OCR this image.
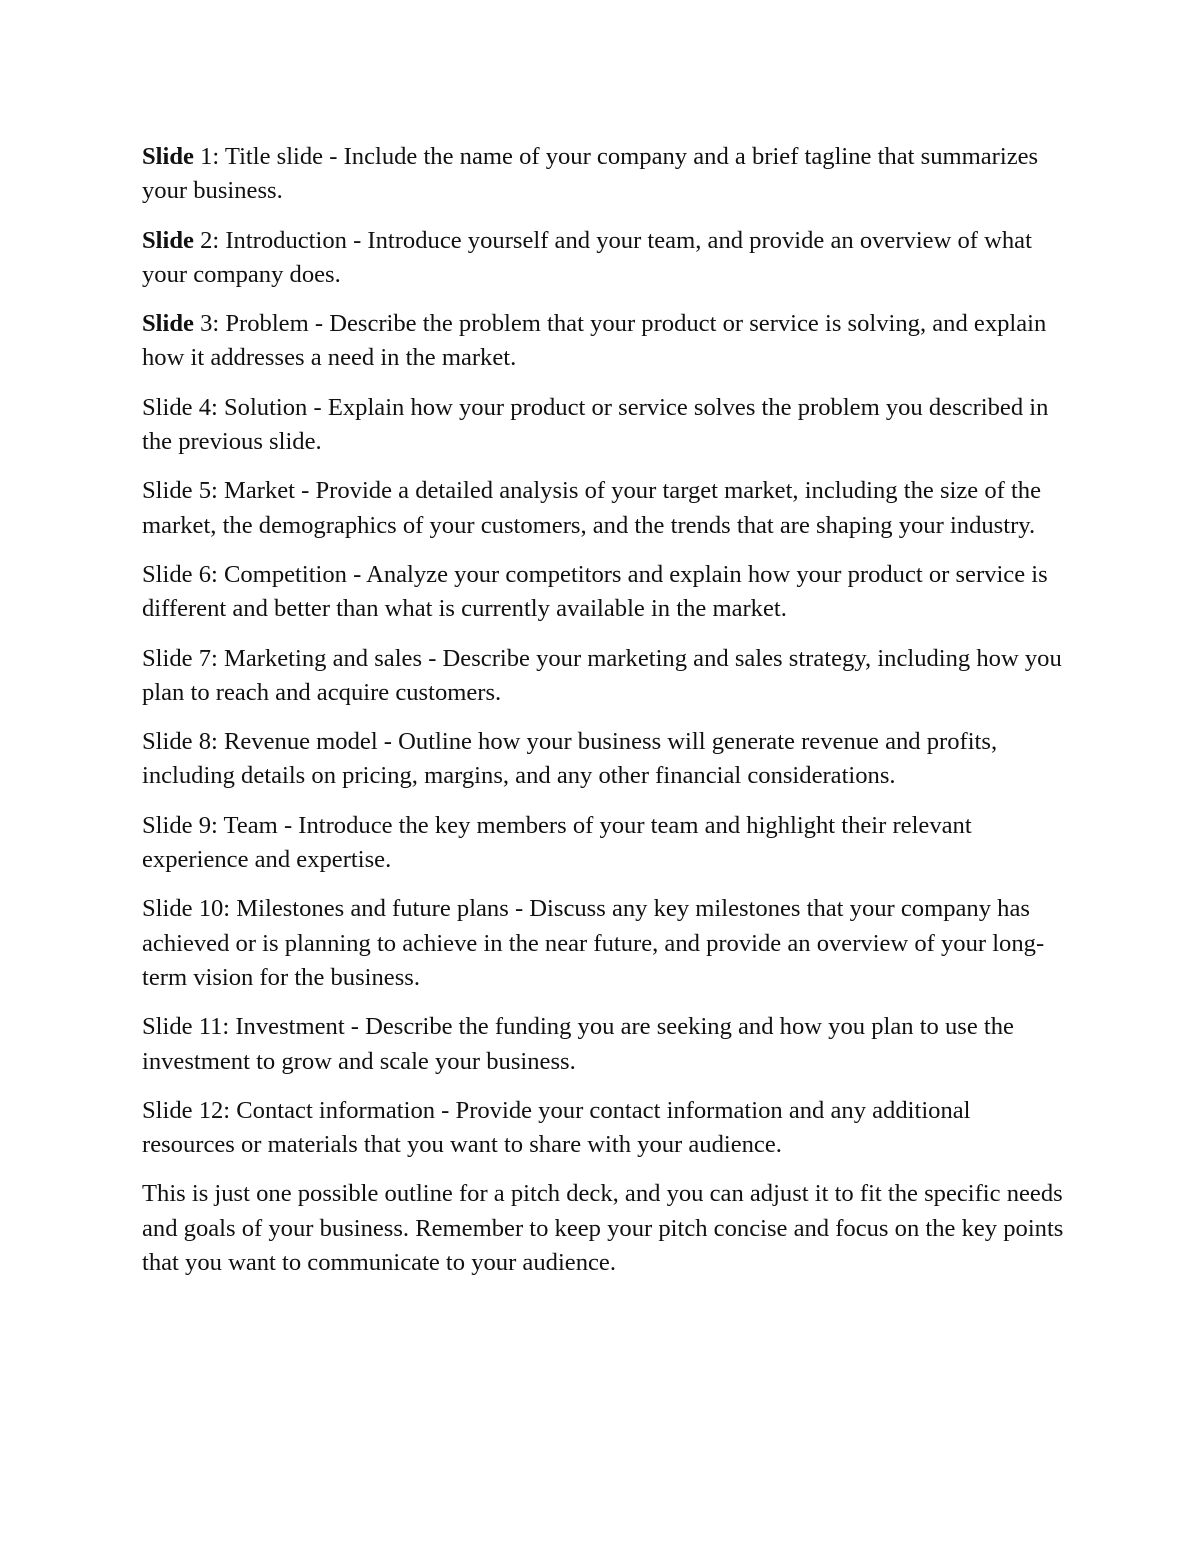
Slide 1: Title slide - Include the name of your company and a brief tagline that summarizes your business.

Slide 2: Introduction - Introduce yourself and your team, and provide an overview of what your company does.

Slide 3: Problem - Describe the problem that your product or service is solving, and explain how it addresses a need in the market.

Slide 4: Solution - Explain how your product or service solves the problem you described in the previous slide.

Slide 5: Market - Provide a detailed analysis of your target market, including the size of the market, the demographics of your customers, and the trends that are shaping your industry.

Slide 6: Competition - Analyze your competitors and explain how your product or service is different and better than what is currently available in the market.

Slide 7: Marketing and sales - Describe your marketing and sales strategy, including how you plan to reach and acquire customers.

Slide 8: Revenue model - Outline how your business will generate revenue and profits, including details on pricing, margins, and any other financial considerations.

Slide 9: Team - Introduce the key members of your team and highlight their relevant experience and expertise.

Slide 10: Milestones and future plans - Discuss any key milestones that your company has achieved or is planning to achieve in the near future, and provide an overview of your long-term vision for the business.

Slide 11: Investment - Describe the funding you are seeking and how you plan to use the investment to grow and scale your business.

Slide 12: Contact information - Provide your contact information and any additional resources or materials that you want to share with your audience.

This is just one possible outline for a pitch deck, and you can adjust it to fit the specific needs and goals of your business. Remember to keep your pitch concise and focus on the key points that you want to communicate to your audience.
